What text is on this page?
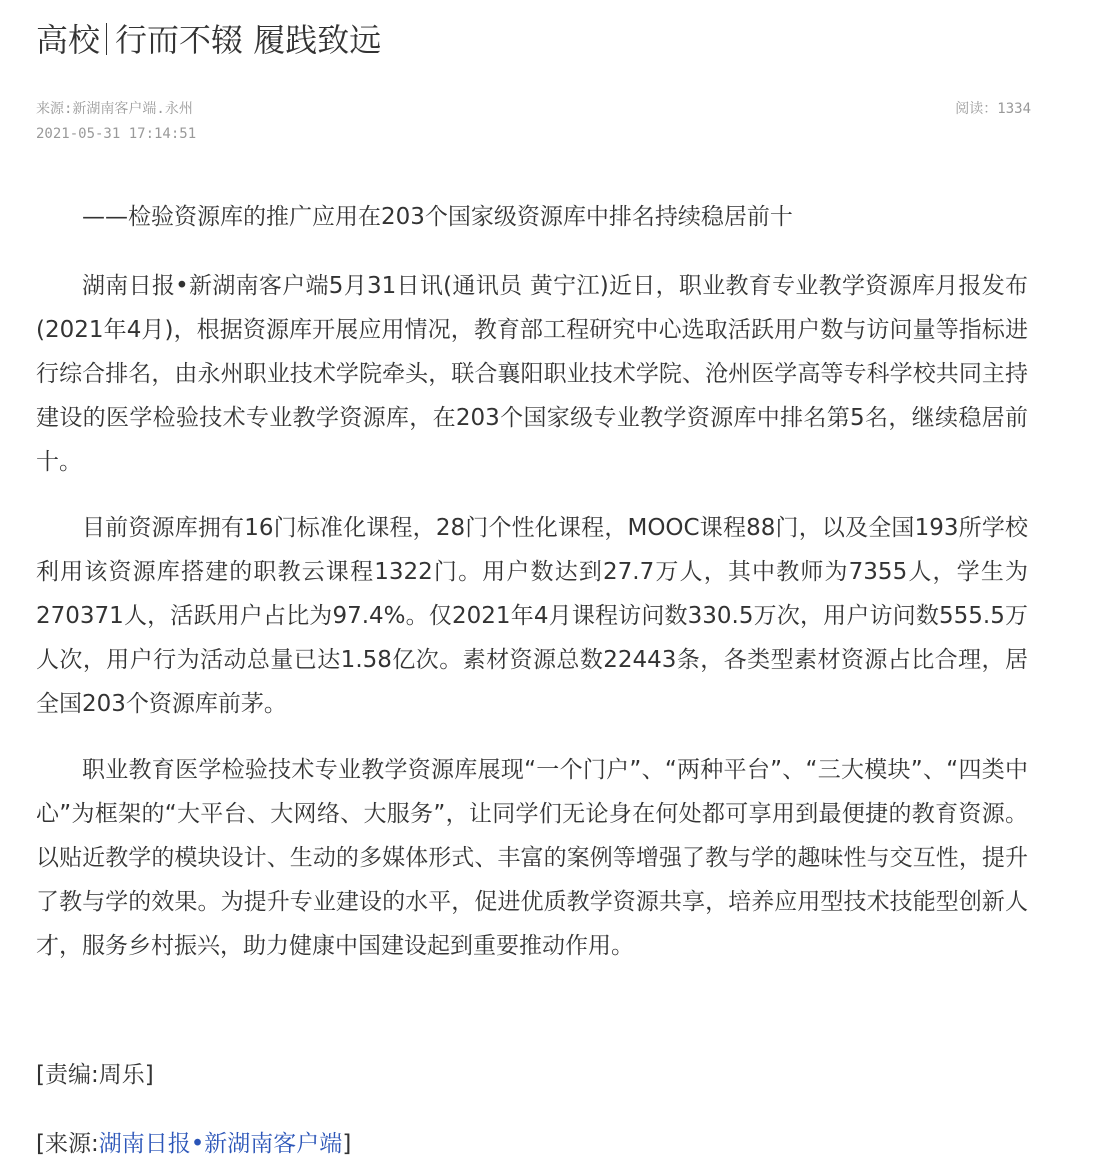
高校 行而不辍 履践致远
来源:新湖南客户端.永州
2021-05-31 17:14:51
阅读：1334

——检验资源库的推广应用在203个国家级资源库中排名持续稳居前十

湖南日报•新湖南客户端5月31日讯(通讯员 黄宁江)近日，职业教育专业教学资源库月报发布(2021年4月)，根据资源库开展应用情况，教育部工程研究中心选取活跃用户数与访问量等指标进行综合排名，由永州职业技术学院牵头，联合襄阳职业技术学院、沧州医学高等专科学校共同主持建设的医学检验技术专业教学资源库，在203个国家级专业教学资源库中排名第5名，继续稳居前十。

目前资源库拥有16门标准化课程，28门个性化课程，MOOC课程88门，以及全国193所学校利用该资源库搭建的职教云课程1322门。用户数达到27.7万人，其中教师为7355人，学生为270371人，活跃用户占比为97.4%。仅2021年4月课程访问数330.5万次，用户访问数555.5万人次，用户行为活动总量已达1.58亿次。素材资源总数22443条，各类型素材资源占比合理，居全国203个资源库前茅。

职业教育医学检验技术专业教学资源库展现“一个门户”、“两种平台”、“三大模块”、“四类中心”为框架的“大平台、大网络、大服务”，让同学们无论身在何处都可享用到最便捷的教育资源。以贴近教学的模块设计、生动的多媒体形式、丰富的案例等增强了教与学的趣味性与交互性，提升了教与学的效果。为提升专业建设的水平，促进优质教学资源共享，培养应用型技术技能型创新人才，服务乡村振兴，助力健康中国建设起到重要推动作用。

[责编:周乐]
[来源:湖南日报•新湖南客户端]
